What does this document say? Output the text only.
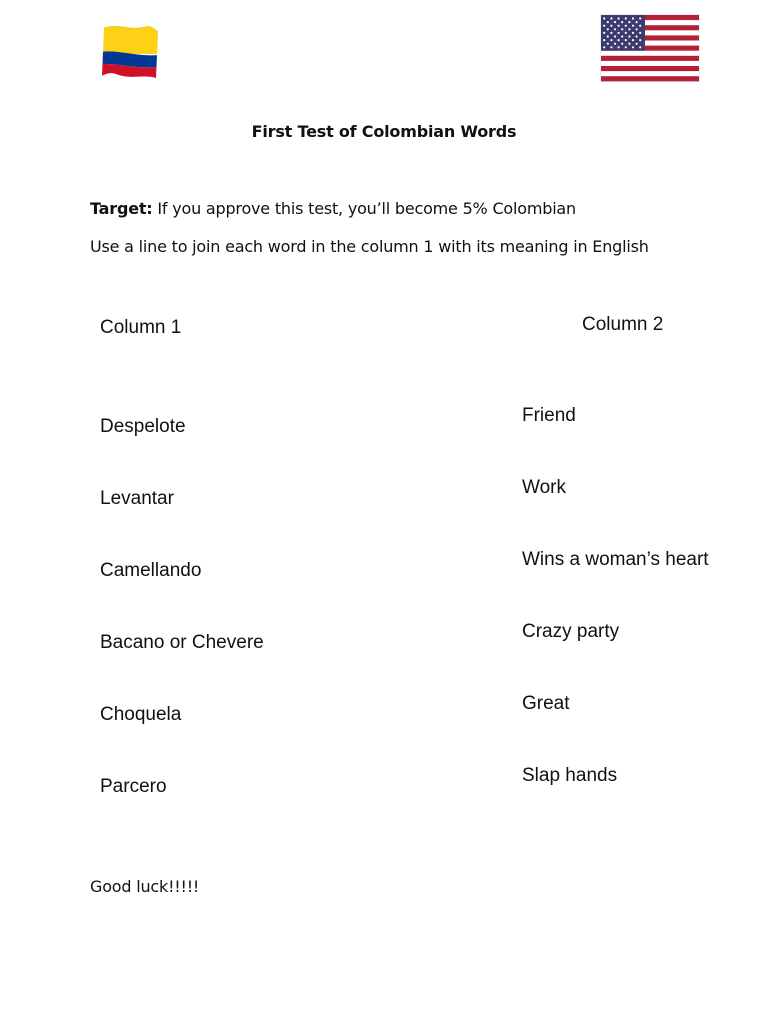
First Test of Colombian Words
Target: If you approve this test, you’ll become 5% Colombian
Use a line to join each word in the column 1 with its meaning in English
Column 1	Column 2
Despelote
Levantar
Camellando
Bacano or Chevere
Choquela
Parcero
Friend
Work
Wins a woman’s heart
Crazy party
Great
Slap hands
Good luck!!!!!
